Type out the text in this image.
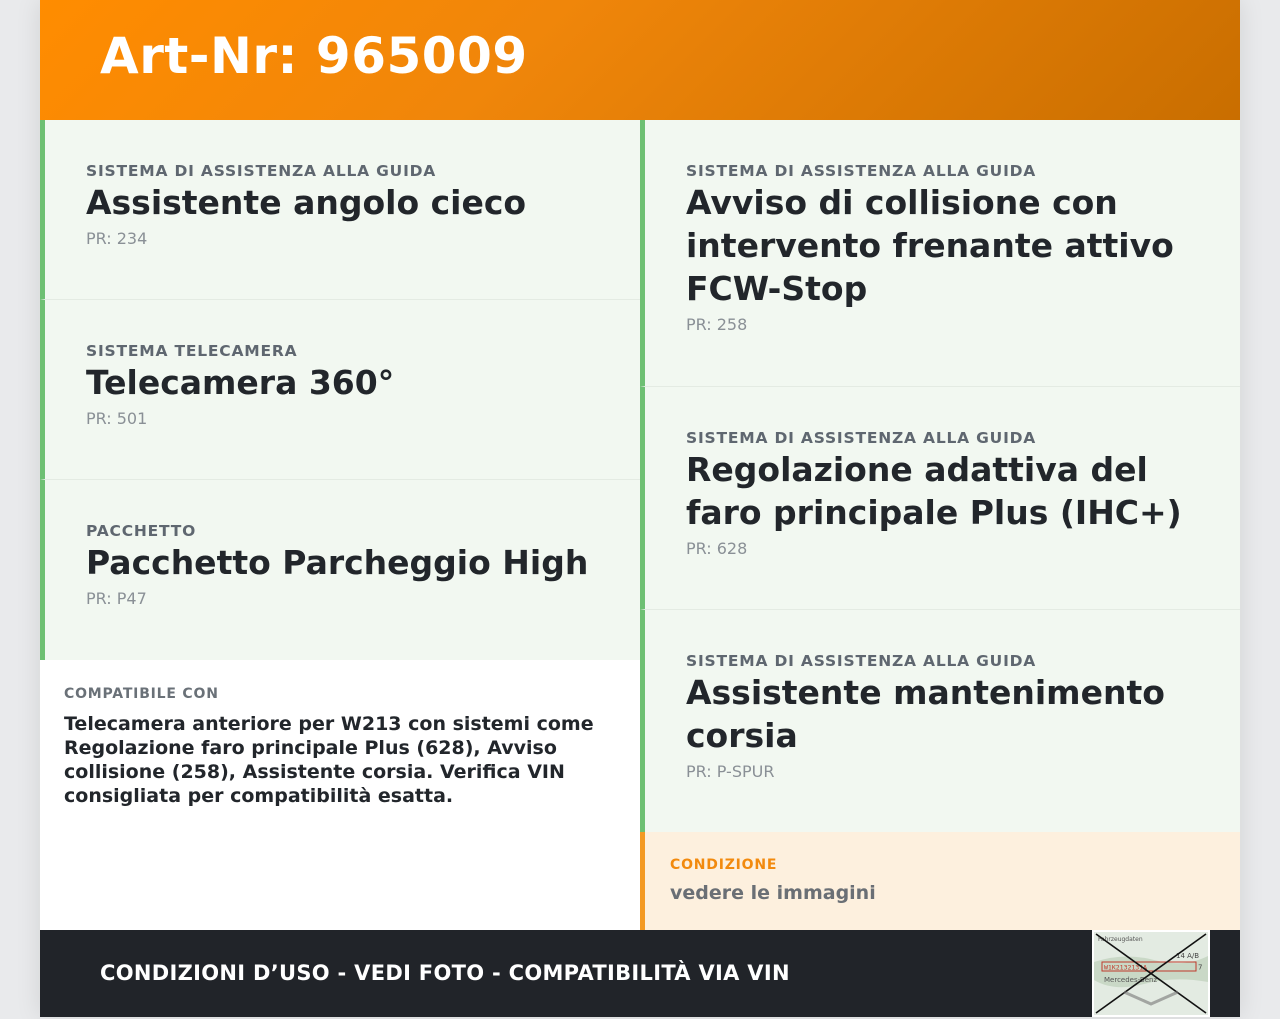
Art-Nr: 965009
SISTEMA DI ASSISTENZA ALLA GUIDA
Assistente angolo cieco
PR: 234
SISTEMA TELECAMERA
Telecamera 360°
PR: 501
PACCHETTO
Pacchetto Parcheggio High
PR: P47
COMPATIBILE CON
Telecamera anteriore per W213 con sistemi come Regolazione faro principale Plus (628), Avviso collisione (258), Assistente corsia. Verifica VIN consigliata per compatibilità esatta.
SISTEMA DI ASSISTENZA ALLA GUIDA
Avviso di collisione con intervento frenante attivo FCW-Stop
PR: 258
SISTEMA DI ASSISTENZA ALLA GUIDA
Regolazione adattiva del faro principale Plus (IHC+)
PR: 628
SISTEMA DI ASSISTENZA ALLA GUIDA
Assistente mantenimento corsia
PR: P-SPUR
CONDIZIONE
vedere le immagini
CONDIZIONI D’USO - VEDI FOTO - COMPATIBILITÀ VIA VIN
Fahrzeugdaten
14 A/B
W1K2132131A	7
Mercedes-Benz
